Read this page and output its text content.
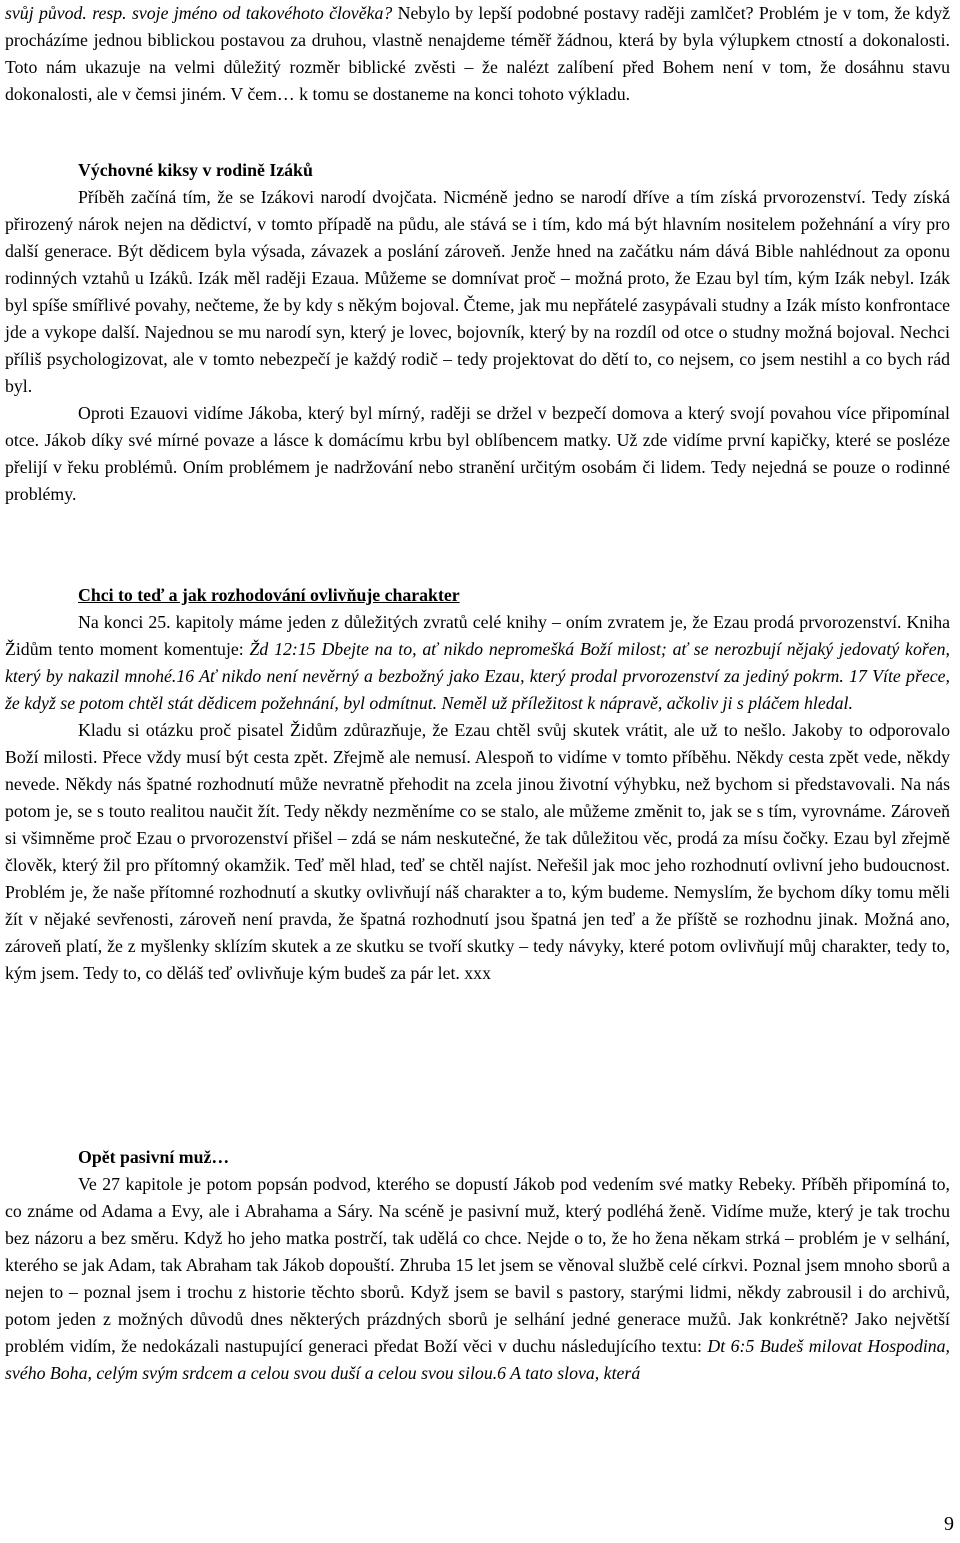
svůj původ. resp. svoje jméno od takovéhoto člověka? Nebylo by lepší podobné postavy raději zamlčet? Problém je v tom, že když procházíme jednou biblickou postavou za druhou, vlastně nenajdeme téměř žádnou, která by byla výlupkem ctností a dokonalosti. Toto nám ukazuje na velmi důležitý rozměr biblické zvěsti – že nalézt zalíbení před Bohem není v tom, že dosáhnu stavu dokonalosti, ale v čemsi jiném. V čem… k tomu se dostaneme na konci tohoto výkladu.

Výchovné kiksy v rodině Izáků

Příběh začíná tím, že se Izákovi narodí dvojčata. Nicméně jedno se narodí dříve a tím získá prvorozenství. Tedy získá přirozený nárok nejen na dědictví, v tomto případě na půdu, ale stává se i tím, kdo má být hlavním nositelem požehnání a víry pro další generace. Být dědicem byla výsada, závazek a poslání zároveň. Jenže hned na začátku nám dává Bible nahlédnout za oponu rodinných vztahů u Izáků. Izák měl raději Ezaua. Můžeme se domnívat proč – možná proto, že Ezau byl tím, kým Izák nebyl. Izák byl spíše smířlivé povahy, nečteme, že by kdy s někým bojoval. Čteme, jak mu nepřátelé zasypávali studny a Izák místo konfrontace jde a vykope další. Najednou se mu narodí syn, který je lovec, bojovník, který by na rozdíl od otce o studny možná bojoval. Nechci příliš psychologizovat, ale v tomto nebezpečí je každý rodič – tedy projektovat do dětí to, co nejsem, co jsem nestihl a co bych rád byl.

Oproti Ezauovi vidíme Jákoba, který byl mírný, raději se držel v bezpečí domova a který svojí povahou více připomínal otce. Jákob díky své mírné povaze a lásce k domácímu krbu byl oblíbencem matky. Už zde vidíme první kapičky, které se posléze přelijí v řeku problémů. Oním problémem je nadržování nebo stranění určitým osobám či lidem. Tedy nejedná se pouze o rodinné problémy.

Chci to teď a jak rozhodování ovlivňuje charakter

Na konci 25. kapitoly máme jeden z důležitých zvratů celé knihy – oním zvratem je, že Ezau prodá prvorozenství. Kniha Židům tento moment komentuje: Žd 12:15 Dbejte na to, ať nikdo nepromešká Boží milost; ať se nerozbují nějaký jedovatý kořen, který by nakazil mnohé.16 Ať nikdo není nevěrný a bezbožný jako Ezau, který prodal prvorozenství za jediný pokrm. 17 Víte přece, že když se potom chtěl stát dědicem požehnání, byl odmítnut. Neměl už příležitost k nápravě, ačkoliv ji s pláčem hledal.

Kladu si otázku proč pisatel Židům zdůrazňuje, že Ezau chtěl svůj skutek vrátit, ale už to nešlo. Jakoby to odporovalo Boží milosti. Přece vždy musí být cesta zpět. Zřejmě ale nemusí. Alespoň to vidíme v tomto příběhu. Někdy cesta zpět vede, někdy nevede. Někdy nás špatné rozhodnutí může nevratně přehodit na zcela jinou životní výhybku, než bychom si představovali. Na nás potom je, se s touto realitou naučit žít. Tedy někdy nezměníme co se stalo, ale můžeme změnit to, jak se s tím, vyrovnáme. Zároveň si všimněme proč Ezau o prvorozenství přišel – zdá se nám neskutečné, že tak důležitou věc, prodá za mísu čočky. Ezau byl zřejmě člověk, který žil pro přítomný okamžik. Teď měl hlad, teď se chtěl najíst. Neřešil jak moc jeho rozhodnutí ovlivní jeho budoucnost. Problém je, že naše přítomné rozhodnutí a skutky ovlivňují náš charakter a to, kým budeme. Nemyslím, že bychom díky tomu měli žít v nějaké sevřenosti, zároveň není pravda, že špatná rozhodnutí jsou špatná jen teď a že příště se rozhodnu jinak. Možná ano, zároveň platí, že z myšlenky sklízím skutek a ze skutku se tvoří skutky – tedy návyky, které potom ovlivňují můj charakter, tedy to, kým jsem. Tedy to, co děláš teď ovlivňuje kým budeš za pár let. xxx

Opět pasivní muž…

Ve 27 kapitole je potom popsán podvod, kterého se dopustí Jákob pod vedením své matky Rebeky. Příběh připomíná to, co známe od Adama a Evy, ale i Abrahama a Sáry. Na scéně je pasivní muž, který podléhá ženě. Vidíme muže, který je tak trochu bez názoru a bez směru. Když ho jeho matka postrčí, tak udělá co chce. Nejde o to, že ho žena někam strká – problém je v selhání, kterého se jak Adam, tak Abraham tak Jákob dopouští. Zhruba 15 let jsem se věnoval službě celé církvi. Poznal jsem mnoho sborů a nejen to – poznal jsem i trochu z historie těchto sborů. Když jsem se bavil s pastory, starými lidmi, někdy zabrousil i do archivů, potom jeden z možných důvodů dnes některých prázdných sborů je selhání jedné generace mužů. Jak konkrétně? Jako největší problém vidím, že nedokázali nastupující generaci předat Boží věci v duchu následujícího textu: Dt 6:5 Budeš milovat Hospodina, svého Boha, celým svým srdcem a celou svou duší a celou svou silou.6 A tato slova, která

9
